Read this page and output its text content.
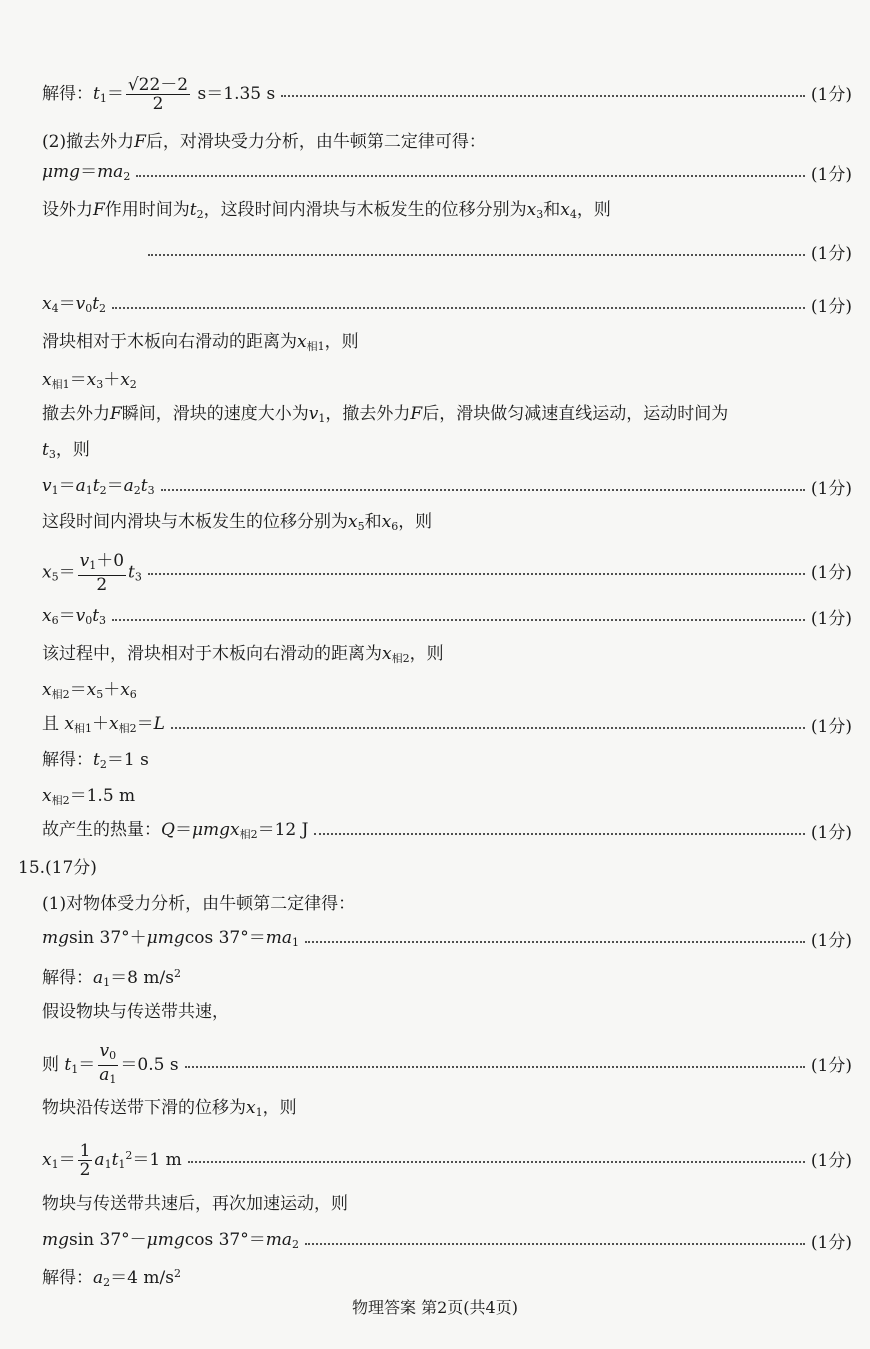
解得：$t_1= \frac{√22-2}{2} s=1.35$ s	(1分)
(2)撤去外力F后，对滑块受力分析，由牛顿第二定律可得：
$\mu mg=ma_2$	(1分)
设外力F作用时间为$t_2$，这段时间内滑块与木板发生的位移分别为$x_3$和$x_4$，则
(1分)
$x_4=v_0t_2$	(1分)
滑块相对于木板向右滑动的距离为$x_{相1}$，则
$x_{相1}=x_3+x_2$
撤去外力F瞬间，滑块的速度大小为$v_1$，撤去外力F后，滑块做匀减速直线运动，运动时间为
$t_3$，则
$v_1=a_1t_2=a_2t_3$	(1分)
这段时间内滑块与木板发生的位移分别为$x_5$和$x_6$，则
$x_5= \frac{v_1+0}{2} t_3$	(1分)
$x_6=v_0t_3$	(1分)
该过程中，滑块相对于木板向右滑动的距离为$x_{相2}$，则
$x_{相2}=x_5+x_6$
且 $x_{相1}+x_{相2}=L$	(1分)
解得：$t_2=1$ s
$x_{相2}=1.5$ m
故产生的热量：Q＝μmgx$_{相2}$＝12 J	(1分)
15.(17分)
(1)对物体受力分析，由牛顿第二定律得：
mgsin 37°＋μmgcos $37^\circ=ma_1$	(1分)
解得：$a_1=8$ $m/s^2$
假设物块与传送带共速，
则 $t_1= \frac{v_0}{a_1} =0.5$ s	(1分)
物块沿传送带下滑的位移为$x_1$，则
$x_1= \frac{1}{2} a_1t_1^2=1$ m	(1分)
物块与传送带共速后，再次加速运动，则
mgsin 37°－μmgcos $37^\circ=ma_2$	(1分)
解得：$a_2=4$ $m/s^2$
物理答案 第2页(共4页)
